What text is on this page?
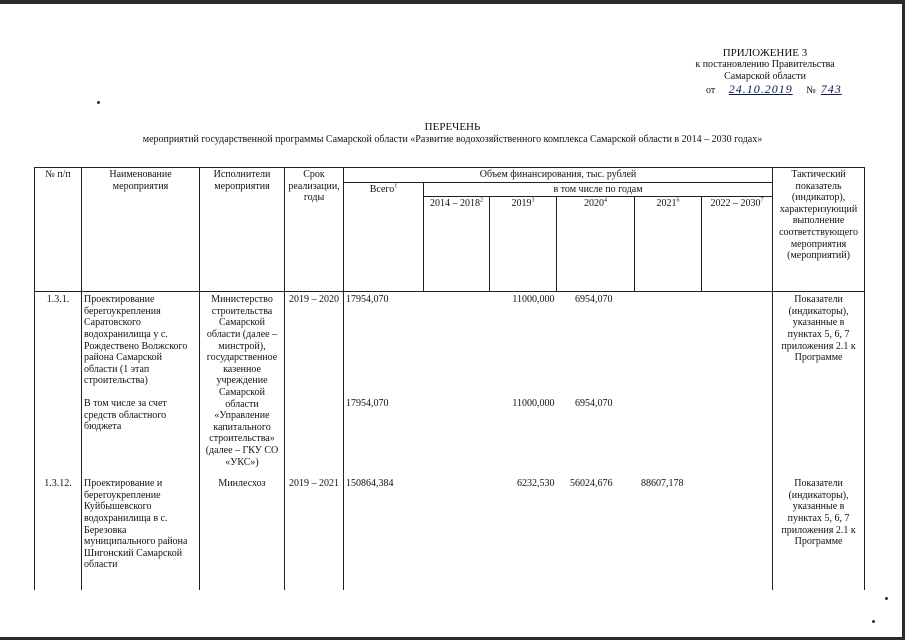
ПРИЛОЖЕНИЕ 3
к постановлению Правительства
Самарской области
от 24.10.2019 № 743
ПЕРЕЧЕНЬ
мероприятий государственной программы Самарской области «Развитие водохозяйственного комплекса Самарской области в 2014 – 2030 годах»
№ п/п	Наименование мероприятия	Исполнители мероприятия	Срок реализации, годы	Объем финансирования, тыс. рублей						Тактический показатель (индикатор), характеризующий выполнение соответствующего мероприятия (мероприятий)
				Всего$^1$	в том числе по годам					
					2014 – 2018$^2$	2019$^3$	2020$^4$	2021$^6$	2022 – 2030$^7$
1.3.1.	Проектирование берегоукрепления Саратовского водохранилища у с. Рождествено Волжского района Самарской области (1 этап строительства)	Министерство строительства Самарской области (далее – минстрой), государственное казенное учреждение Самарской области «Управление капитального строительства» (далее – ГКУ СО «УКС»)	2019 – 2020	17954,070		11000,000	6954,070			Показатели (индикаторы), указанные в пунктах 5, 6, 7 приложения 2.1 к Программе
	В том числе за счет средств областного бюджета			17954,070		11000,000	6954,070			
1.3.12.	Проектирование и берегоукрепление Куйбышевского водохранилища в с. Березовка муниципального района Шигонский Самарской области	Минлесхоз	2019 – 2021	150864,384		6232,530	56024,676	88607,178		Показатели (индикаторы), указанные в пунктах 5, 6, 7 приложения 2.1 к Программе
